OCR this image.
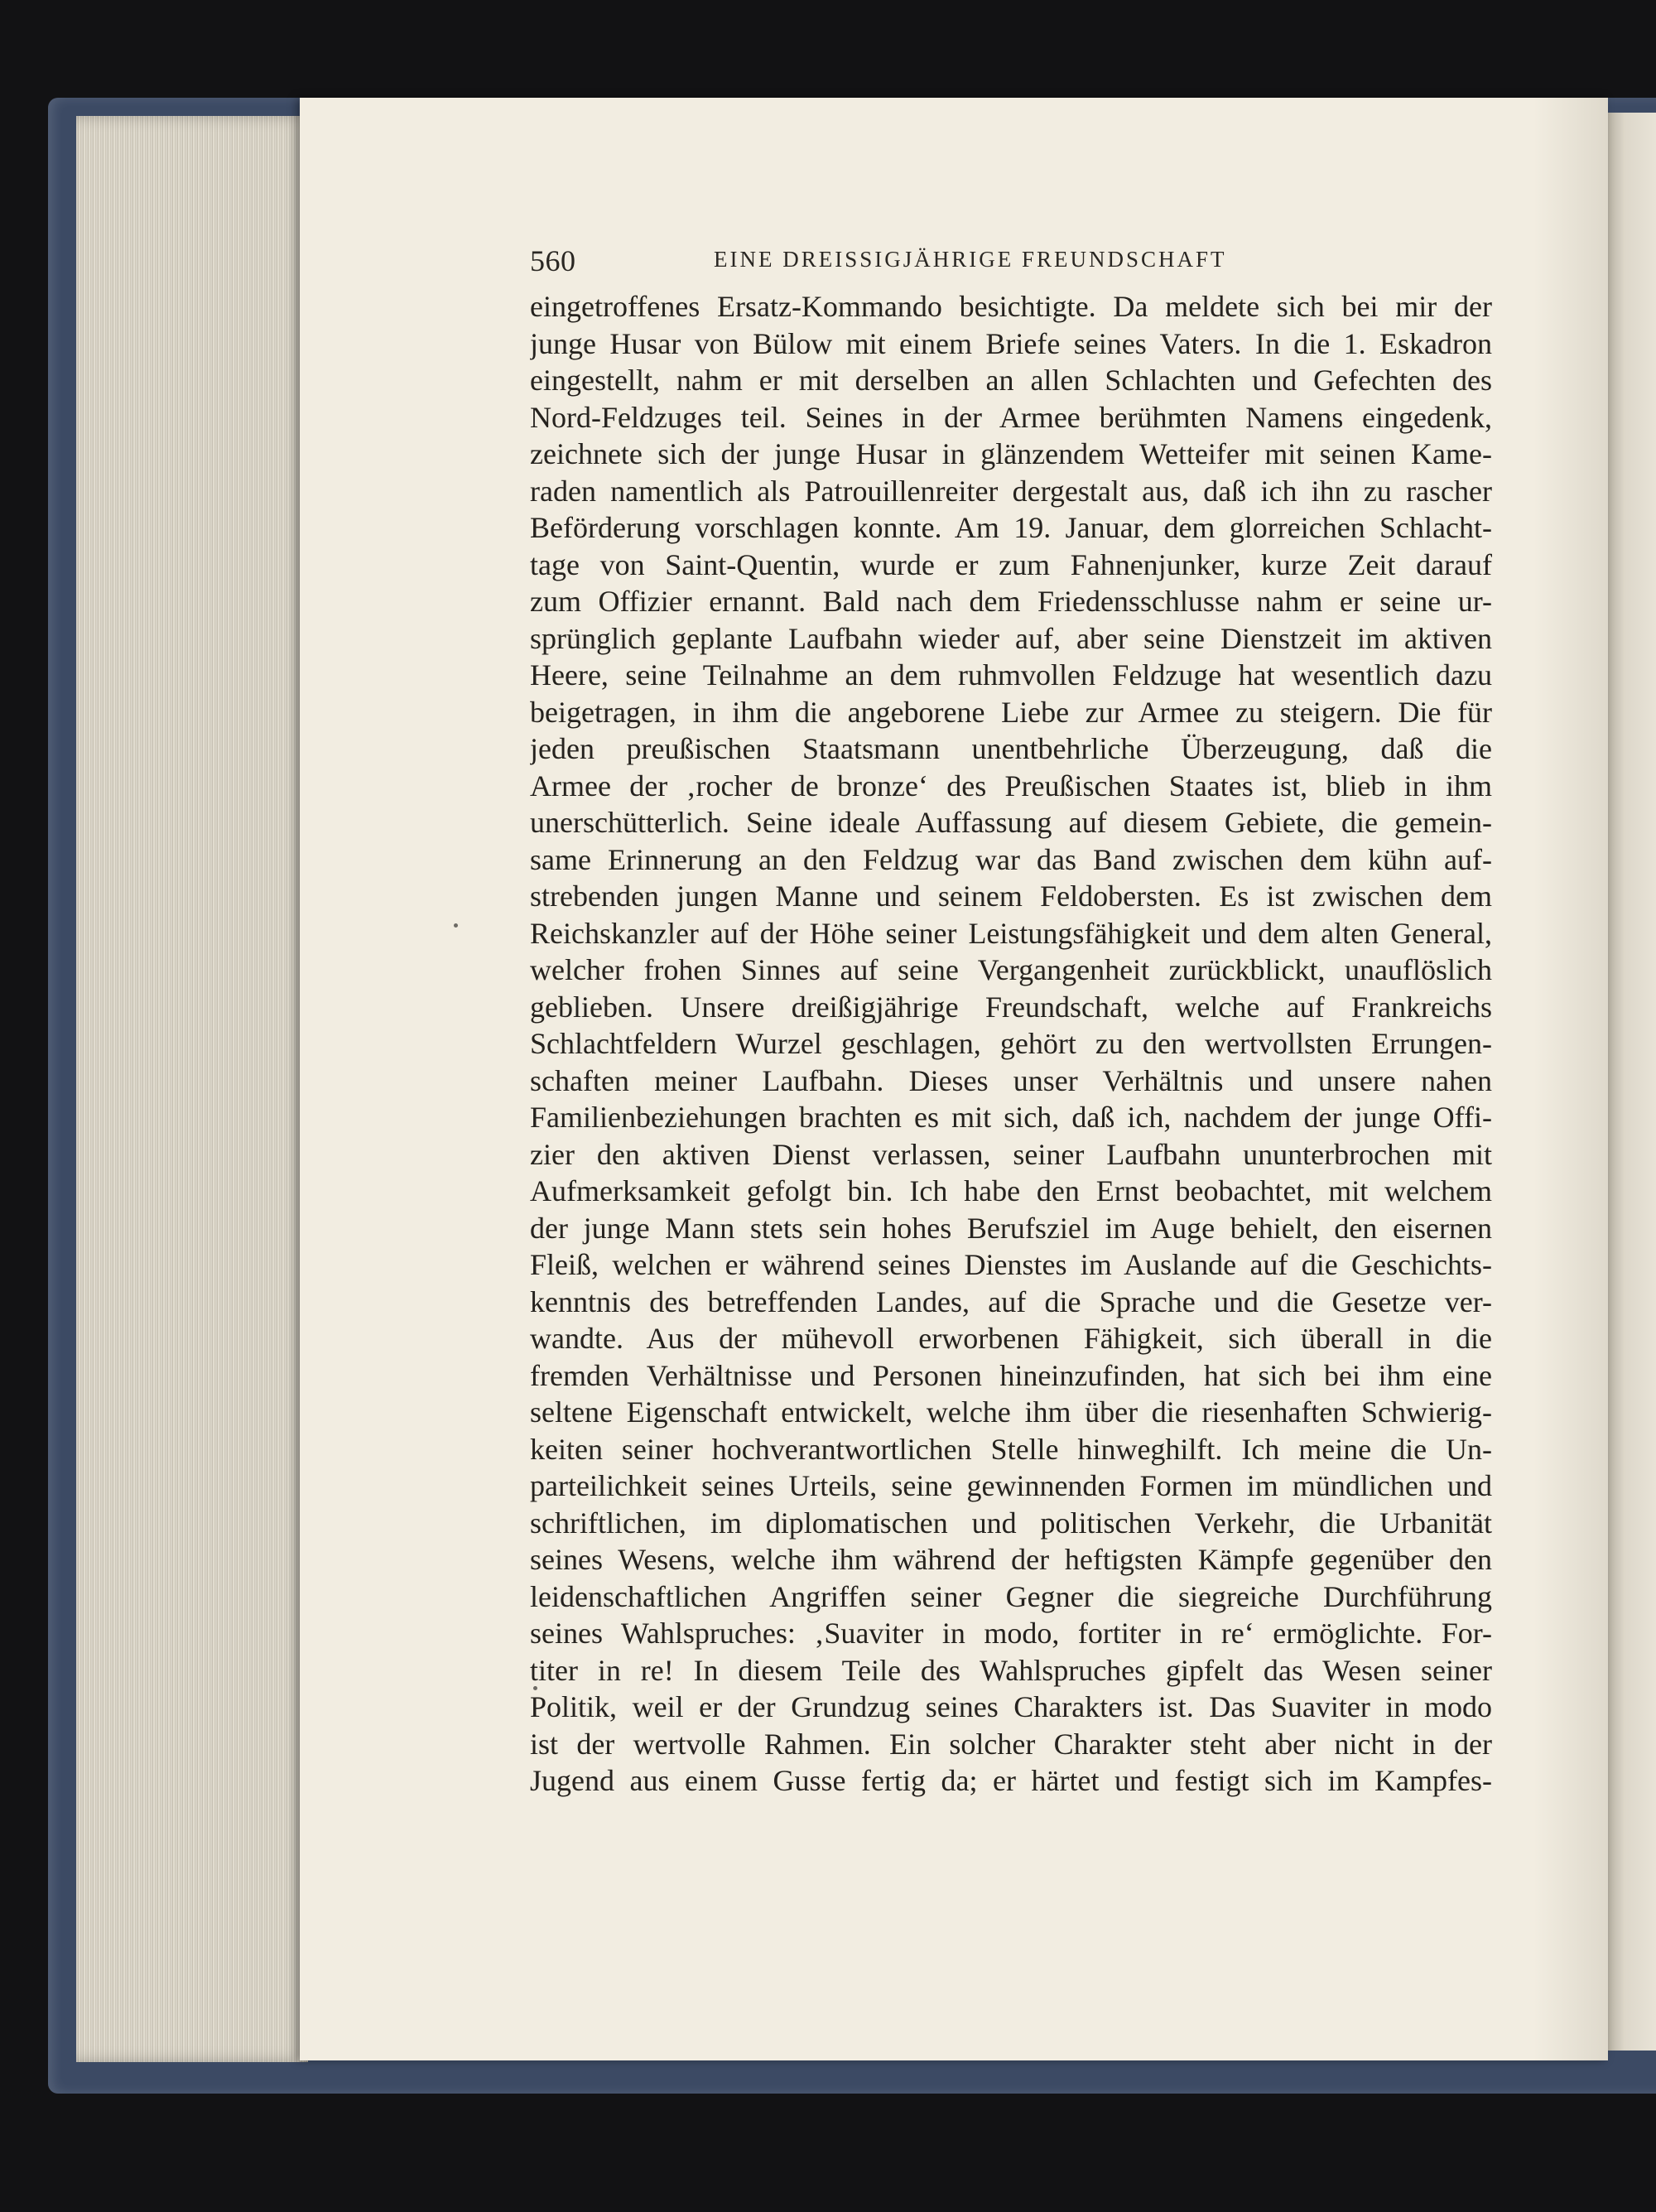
560	EINE DREISSIGJÄHRIGE FREUNDSCHAFT
eingetroffenes Ersatz-Kommando besichtigte. Da meldete sich bei mir der
junge Husar von Bülow mit einem Briefe seines Vaters. In die 1. Eskadron
eingestellt, nahm er mit derselben an allen Schlachten und Gefechten des
Nord-Feldzuges teil. Seines in der Armee berühmten Namens eingedenk,
zeichnete sich der junge Husar in glänzendem Wetteifer mit seinen Kame-
raden namentlich als Patrouillenreiter dergestalt aus, daß ich ihn zu rascher
Beförderung vorschlagen konnte. Am 19. Januar, dem glorreichen Schlacht-
tage von Saint-Quentin, wurde er zum Fahnenjunker, kurze Zeit darauf
zum Offizier ernannt. Bald nach dem Friedensschlusse nahm er seine ur-
sprünglich geplante Laufbahn wieder auf, aber seine Dienstzeit im aktiven
Heere, seine Teilnahme an dem ruhmvollen Feldzuge hat wesentlich dazu
beigetragen, in ihm die angeborene Liebe zur Armee zu steigern. Die für
jeden preußischen Staatsmann unentbehrliche Überzeugung, daß die
Armee der ‚rocher de bronze‘ des Preußischen Staates ist, blieb in ihm
unerschütterlich. Seine ideale Auffassung auf diesem Gebiete, die gemein-
same Erinnerung an den Feldzug war das Band zwischen dem kühn auf-
strebenden jungen Manne und seinem Feldobersten. Es ist zwischen dem
Reichskanzler auf der Höhe seiner Leistungsfähigkeit und dem alten General,
welcher frohen Sinnes auf seine Vergangenheit zurückblickt, unauflöslich
geblieben. Unsere dreißigjährige Freundschaft, welche auf Frankreichs
Schlachtfeldern Wurzel geschlagen, gehört zu den wertvollsten Errungen-
schaften meiner Laufbahn. Dieses unser Verhältnis und unsere nahen
Familienbeziehungen brachten es mit sich, daß ich, nachdem der junge Offi-
zier den aktiven Dienst verlassen, seiner Laufbahn ununterbrochen mit
Aufmerksamkeit gefolgt bin. Ich habe den Ernst beobachtet, mit welchem
der junge Mann stets sein hohes Berufsziel im Auge behielt, den eisernen
Fleiß, welchen er während seines Dienstes im Auslande auf die Geschichts-
kenntnis des betreffenden Landes, auf die Sprache und die Gesetze ver-
wandte. Aus der mühevoll erworbenen Fähigkeit, sich überall in die
fremden Verhältnisse und Personen hineinzufinden, hat sich bei ihm eine
seltene Eigenschaft entwickelt, welche ihm über die riesenhaften Schwierig-
keiten seiner hochverantwortlichen Stelle hinweghilft. Ich meine die Un-
parteilichkeit seines Urteils, seine gewinnenden Formen im mündlichen und
schriftlichen, im diplomatischen und politischen Verkehr, die Urbanität
seines Wesens, welche ihm während der heftigsten Kämpfe gegenüber den
leidenschaftlichen Angriffen seiner Gegner die siegreiche Durchführung
seines Wahlspruches: ‚Suaviter in modo, fortiter in re‘ ermöglichte. For-
titer in re! In diesem Teile des Wahlspruches gipfelt das Wesen seiner
Politik, weil er der Grundzug seines Charakters ist. Das Suaviter in modo
ist der wertvolle Rahmen. Ein solcher Charakter steht aber nicht in der
Jugend aus einem Gusse fertig da; er härtet und festigt sich im Kampfes-
